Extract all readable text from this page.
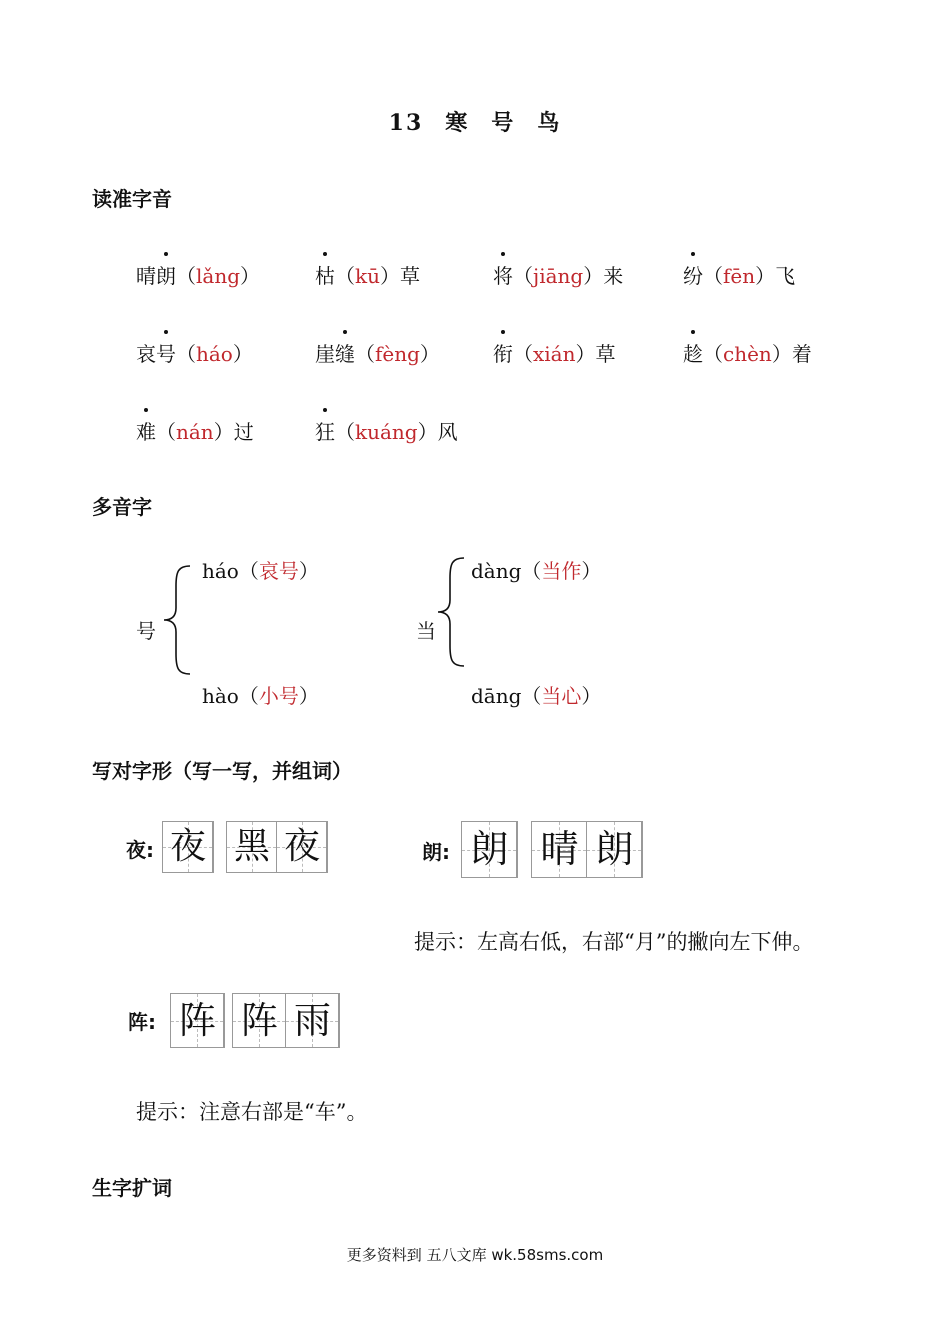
13 寒 号 鸟
读准字音
晴朗（lǎng）	枯（kū）草	将（jiāng）来	纷（fēn）飞
哀号（háo）	崖缝（fèng）	衔（xián）草	趁（chèn）着
难（nán）过	狂（kuáng）风
多音字
号
háo（哀号）
hào（小号）
当
dàng（当作）
dāng（当心）
写对字形（写一写，并组词）
夜: 夜 黑 夜	朗: 朗 晴 朗
提示：左高右低，右部“月”的撇向左下伸。
阵: 阵 阵 雨
提示：注意右部是“车”。
生字扩词
更多资料到 五八文库 wk.58sms.com
